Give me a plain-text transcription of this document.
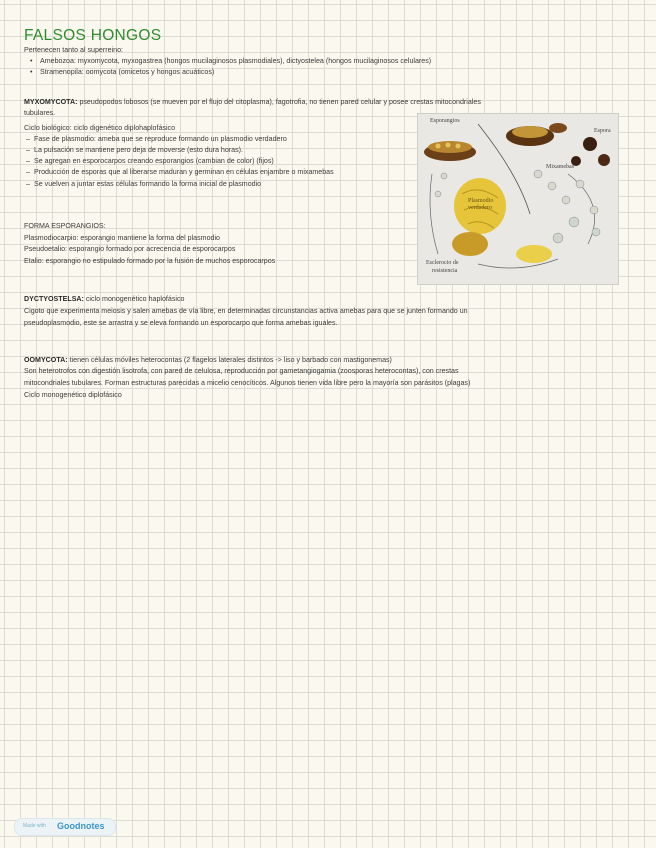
FALSOS HONGOS
Pertenecen tanto al superreino:
• Amebozoa: myxomycota, myxogastrea (hongos mucilaginosos plasmodiales), dictyostelea (hongos mucilaginosos celulares)
• Stramenopila: oomycota (omicetos y hongos acuáticos)
MYXOMYCOTA: pseudopodos lobosos (se mueven por el flujo del citoplasma), fagotrofia, no tienen pared celular y posee crestas mitocondriales
tubulares.
Ciclo biológico: ciclo digenético diplohaplofásico
– Fase de plasmodio: ameba que se reproduce formando un plasmodio verdadero
– La pulsación se mantiene pero deja de moverse (esto dura horas).
– Se agregan en esporocarpos creando esporangios (cambian de color) (fijos)
– Producción de esporas que al liberarse maduran y germinan en células enjambre o mixamebas
– Se vuelven a juntar estas células formando la forma inicial de plasmodio
FORMA ESPORANGIOS:
Plasmodiocarpio: esporangio mantiene la forma del plasmodio
Pseudoetalio: esporangio formado por acrecencia de esporocarpos
Etalio: esporangio no estipulado formado por la fusión de muchos esporocarpos
DYCTYOSTELSA: ciclo monogenético haplofásico
Cigoto que experimenta meiosis y salen amebas de vía libre, en determinadas circunstancias activa amebas para que se junten formando un
pseudoplasmodio, este se arrastra y se eleva formando un esporocarpo que forma amebas iguales.
OOMYCOTA: tienen células móviles heterocontas (2 flagelos laterales distintos -> liso y barbado con mastigonemas)
Son heterotrofos con digestión lisotrofa, con pared de celulosa, reproducción por gametangiogamia (zoosporas heterocontas), con crestas
mitocondriales tubulares. Forman estructuras parecidas a micelio cenocíticos. Algunos tienen vida libre pero la mayoría son parásitos (plagas)
Ciclo monogenético diplofásico
Esporangios
Espora
Plasmodio
verdadero
Mixamebas
Esclerocio de
resistencia
Made with Goodnotes
